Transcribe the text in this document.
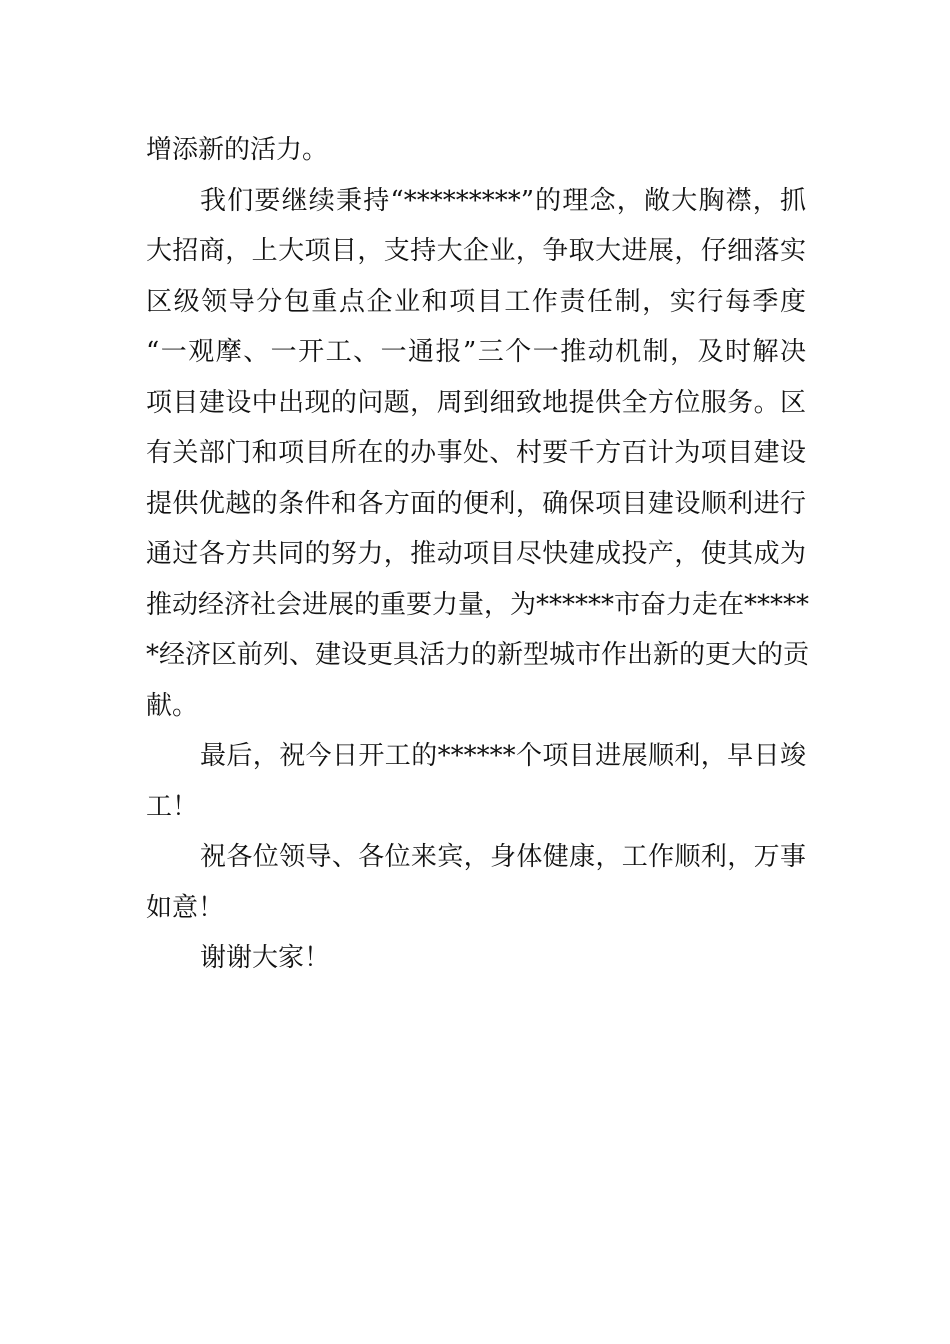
增添新的活力。
我们要继续秉持“*********”的理念，敞大胸襟，抓
大招商，上大项目，支持大企业，争取大进展，仔细落实
区级领导分包重点企业和项目工作责任制，实行每季度
“一观摩、一开工、一通报”三个一推动机制，及时解决
项目建设中出现的问题，周到细致地提供全方位服务。区
有关部门和项目所在的办事处、村要千方百计为项目建设
提供优越的条件和各方面的便利，确保项目建设顺利进行
通过各方共同的努力，推动项目尽快建成投产，使其成为
推动经济社会进展的重要力量，为******市奋力走在*****
*经济区前列、建设更具活力的新型城市作出新的更大的贡
献。
最后，祝今日开工的******个项目进展顺利，早日竣
工！
祝各位领导、各位来宾，身体健康，工作顺利，万事
如意！
谢谢大家！
